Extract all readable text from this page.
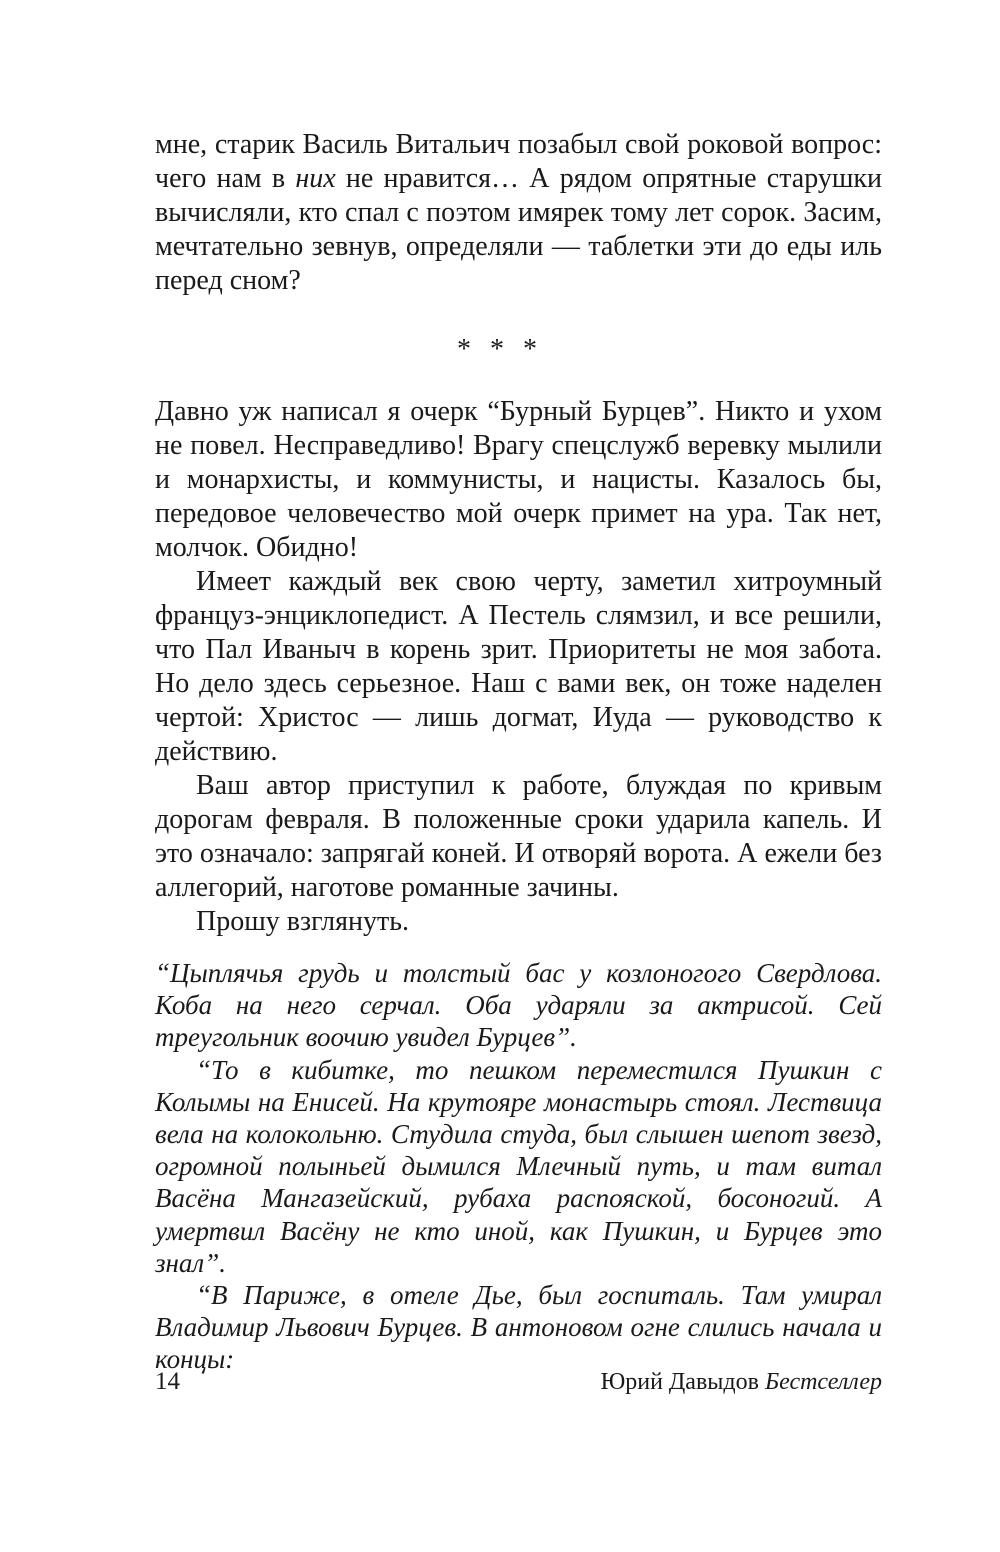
мне, старик Василь Витальич позабыл свой роковой вопрос: чего нам в них не нравится… А рядом опрятные старушки вычисляли, кто спал с поэтом имярек тому лет сорок. Засим, мечтательно зевнув, определяли — таблетки эти до еды иль перед сном?

* * *

Давно уж написал я очерк “Бурный Бурцев”. Никто и ухом не повел. Несправедливо! Врагу спецслужб веревку мылили и монархисты, и коммунисты, и нацисты. Казалось бы, передовое человечество мой очерк примет на ура. Так нет, молчок. Обидно!

Имеет каждый век свою черту, заметил хитроумный француз-энциклопедист. А Пестель слямзил, и все решили, что Пал Иваныч в корень зрит. Приоритеты не моя забота. Но дело здесь серьезное. Наш с вами век, он тоже наделен чертой: Христос — лишь догмат, Иуда — руководство к действию.

Ваш автор приступил к работе, блуждая по кривым дорогам февраля. В положенные сроки ударила капель. И это означало: запрягай коней. И отворяй ворота. А ежели без аллегорий, наготове романные зачины.

Прошу взглянуть.

“Цыплячья грудь и толстый бас у козлоногого Свердлова. Коба на него серчал. Оба ударяли за актрисой. Сей треугольник воочию увидел Бурцев”.

“То в кибитке, то пешком переместился Пушкин с Колымы на Енисей. На крутояре монастырь стоял. Лествица вела на колокольню. Студила студа, был слышен шепот звезд, огромной полыньей дымился Млечный путь, и там витал Васёна Мангазейский, рубаха распояской, босоногий. А умертвил Васёну не кто иной, как Пушкин, и Бурцев это знал”.

“В Париже, в отеле Дье, был госпиталь. Там умирал Владимир Львович Бурцев. В антоновом огне слились начала и концы:

14	Юрий Давыдов Бестселлер
